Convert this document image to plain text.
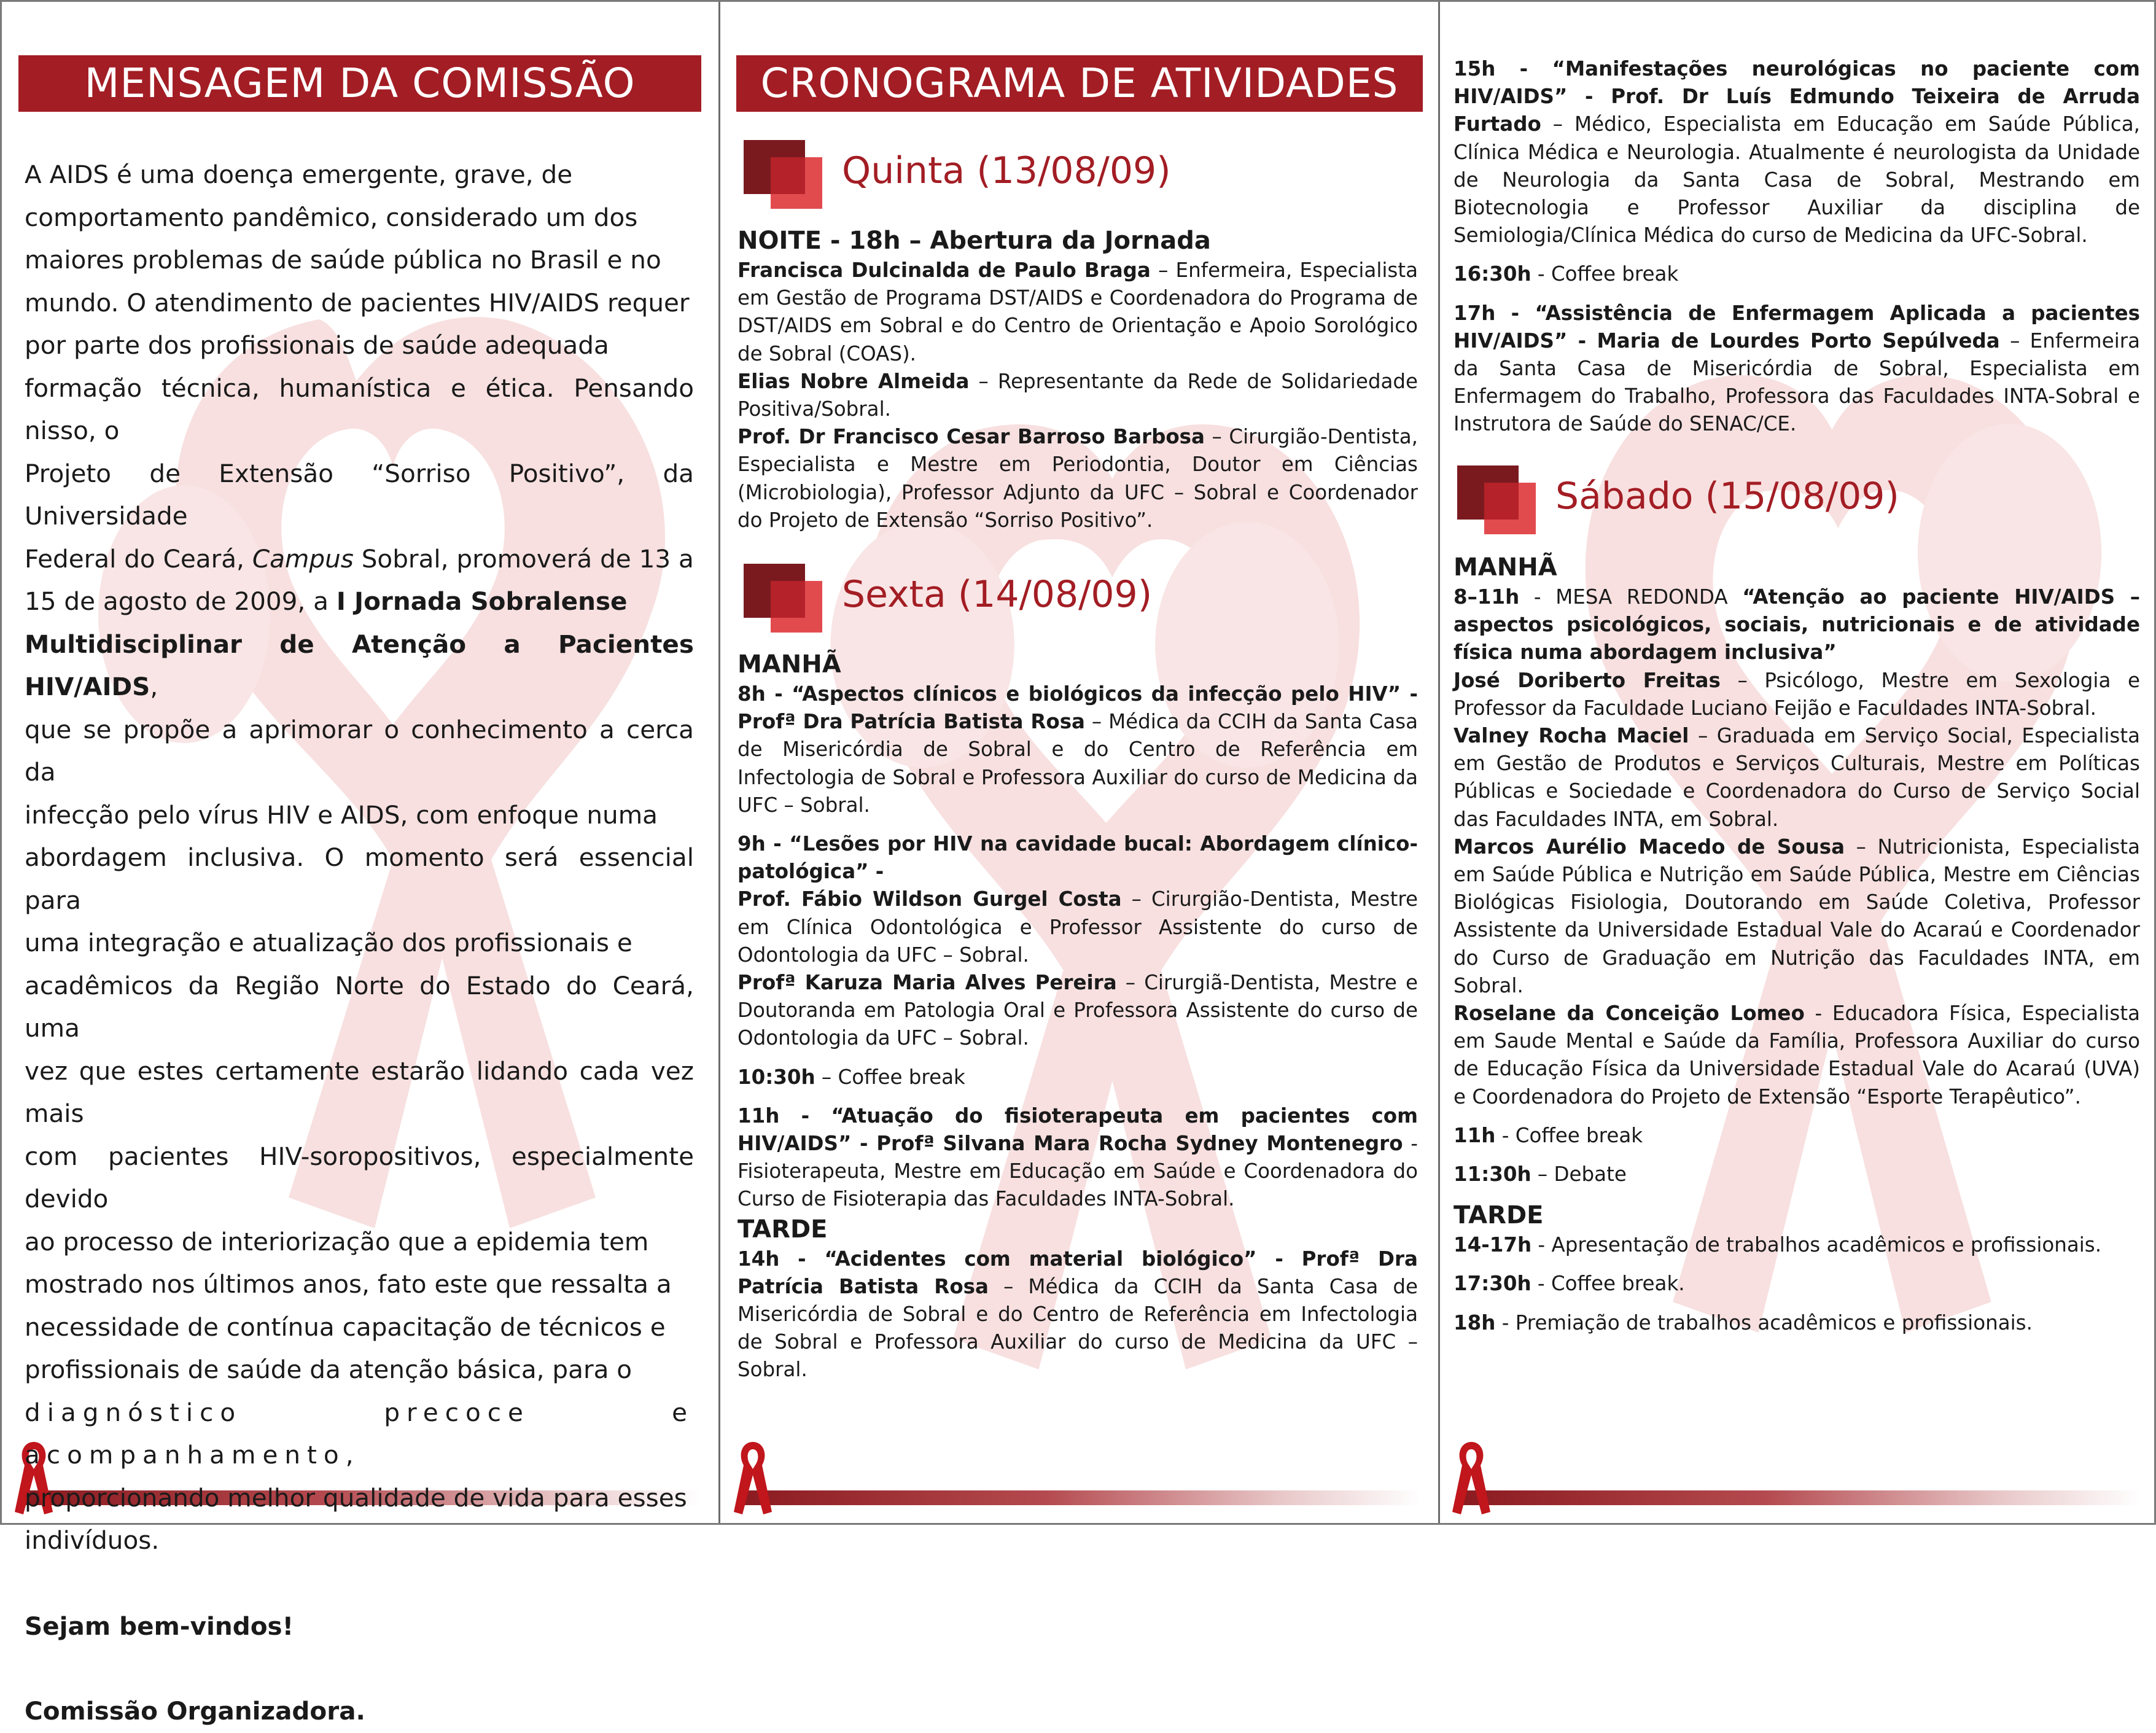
MENSAGEM DA COMISSÃO

A AIDS é uma doença emergente, grave, de

comportamento pandêmico, considerado um dos

maiores problemas de saúde pública no Brasil e no

mundo. O atendimento de pacientes HIV/AIDS requer

por parte dos profissionais de saúde adequada

formação técnica, humanística e ética. Pensando nisso, o

Projeto de Extensão “Sorriso Positivo”, da Universidade

Federal do Ceará, Campus Sobral, promoverá de 13 a

15 de agosto de 2009, a I Jornada Sobralense

Multidisciplinar de Atenção a Pacientes HIV/AIDS,

que se propõe a aprimorar o conhecimento a cerca da

infecção pelo vírus HIV e AIDS, com enfoque numa

abordagem inclusiva. O momento será essencial para

uma integração e atualização dos profissionais e

acadêmicos da Região Norte do Estado do Ceará, uma

vez que estes certamente estarão lidando cada vez mais

com pacientes HIV-soropositivos, especialmente devido

ao processo de interiorização que a epidemia tem

mostrado nos últimos anos, fato este que ressalta a

necessidade de contínua capacitação de técnicos e

profissionais de saúde da atenção básica, para o

diagnóstico precoce e acompanhamento,

proporcionando melhor qualidade de vida para esses

indivíduos.

Sejam bem-vindos!

Comissão Organizadora.

CRONOGRAMA DE ATIVIDADES
Quinta (13/08/09)

NOITE - 18h – Abertura da Jornada

Francisca Dulcinalda de Paulo Braga – Enfermeira, Especialista em Gestão de Programa DST/AIDS e Coordenadora do Programa de DST/AIDS em Sobral e do Centro de Orientação e Apoio Sorológico de Sobral (COAS).

Elias Nobre Almeida – Representante da Rede de Solidariedade Positiva/Sobral.

Prof. Dr Francisco Cesar Barroso Barbosa – Cirurgião-Dentista, Especialista e Mestre em Periodontia, Doutor em Ciências (Microbiologia), Professor Adjunto da UFC – Sobral e Coordenador do Projeto de Extensão “Sorriso Positivo”.

Sexta (14/08/09)

MANHÃ

8h - “Aspectos clínicos e biológicos da infecção pelo HIV” - Profª Dra Patrícia Batista Rosa – Médica da CCIH da Santa Casa de Misericórdia de Sobral e do Centro de Referência em Infectologia de Sobral e Professora Auxiliar do curso de Medicina da UFC – Sobral.

9h - “Lesões por HIV na cavidade bucal: Abordagem clínico-patológica” -

Prof. Fábio Wildson Gurgel Costa – Cirurgião-Dentista, Mestre em Clínica Odontológica e Professor Assistente do curso de Odontologia da UFC – Sobral.

Profª Karuza Maria Alves Pereira – Cirurgiã-Dentista, Mestre e Doutoranda em Patologia Oral e Professora Assistente do curso de Odontologia da UFC – Sobral.

10:30h – Coffee break

11h - “Atuação do fisioterapeuta em pacientes com HIV/AIDS” - Profª Silvana Mara Rocha Sydney Montenegro - Fisioterapeuta, Mestre em Educação em Saúde e Coordenadora do Curso de Fisioterapia das Faculdades INTA-Sobral.

TARDE

14h - “Acidentes com material biológico” - Profª Dra Patrícia Batista Rosa – Médica da CCIH da Santa Casa de Misericórdia de Sobral e do Centro de Referência em Infectologia de Sobral e Professora Auxiliar do curso de Medicina da UFC – Sobral.

15h - “Manifestações neurológicas no paciente com HIV/AIDS” - Prof. Dr Luís Edmundo Teixeira de Arruda Furtado – Médico, Especialista em Educação em Saúde Pública, Clínica Médica e Neurologia. Atualmente é neurologista da Unidade de Neurologia da Santa Casa de Sobral, Mestrando em Biotecnologia e Professor Auxiliar da disciplina de Semiologia/Clínica Médica do curso de Medicina da UFC-Sobral.

16:30h - Coffee break

17h - “Assistência de Enfermagem Aplicada a pacientes HIV/AIDS” - Maria de Lourdes Porto Sepúlveda – Enfermeira da Santa Casa de Misericórdia de Sobral, Especialista em Enfermagem do Trabalho, Professora das Faculdades INTA-Sobral e Instrutora de Saúde do SENAC/CE.

Sábado (15/08/09)

MANHÃ

8–11h - MESA REDONDA “Atenção ao paciente HIV/AIDS – aspectos psicológicos, sociais, nutricionais e de atividade física numa abordagem inclusiva”

José Doriberto Freitas – Psicólogo, Mestre em Sexologia e Professor da Faculdade Luciano Feijão e Faculdades INTA-Sobral.

Valney Rocha Maciel – Graduada em Serviço Social, Especialista em Gestão de Produtos e Serviços Culturais, Mestre em Políticas Públicas e Sociedade e Coordenadora do Curso de Serviço Social das Faculdades INTA, em Sobral.

Marcos Aurélio Macedo de Sousa – Nutricionista, Especialista em Saúde Pública e Nutrição em Saúde Pública, Mestre em Ciências Biológicas Fisiologia, Doutorando em Saúde Coletiva, Professor Assistente da Universidade Estadual Vale do Acaraú e Coordenador do Curso de Graduação em Nutrição das Faculdades INTA, em Sobral.

Roselane da Conceição Lomeo - Educadora Física, Especialista em Saude Mental e Saúde da Família, Professora Auxiliar do curso de Educação Física da Universidade Estadual Vale do Acaraú (UVA) e Coordenadora do Projeto de Extensão “Esporte Terapêutico”.

11h - Coffee break

11:30h – Debate

TARDE

14-17h - Apresentação de trabalhos acadêmicos e profissionais.

17:30h - Coffee break.

18h - Premiação de trabalhos acadêmicos e profissionais.
